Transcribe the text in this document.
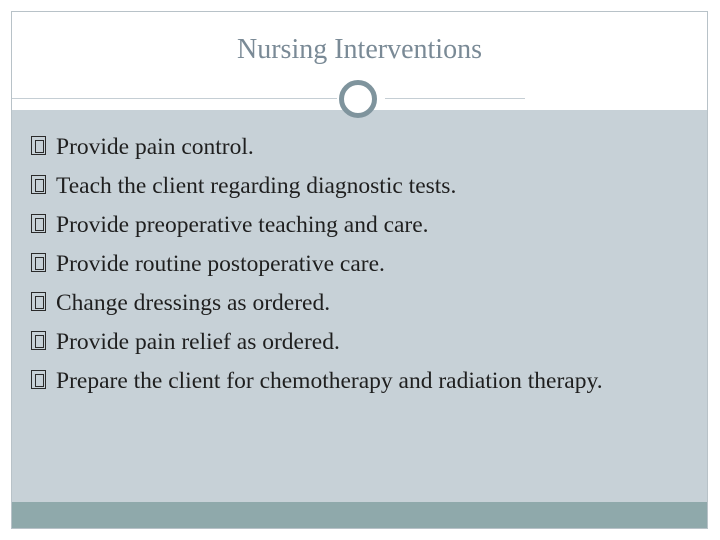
Nursing Interventions
Provide pain control.
Teach the client regarding diagnostic tests.
Provide preoperative teaching and care.
Provide routine postoperative care.
Change dressings as ordered.
Provide pain relief as ordered.
Prepare the client for chemotherapy and radiation therapy.
